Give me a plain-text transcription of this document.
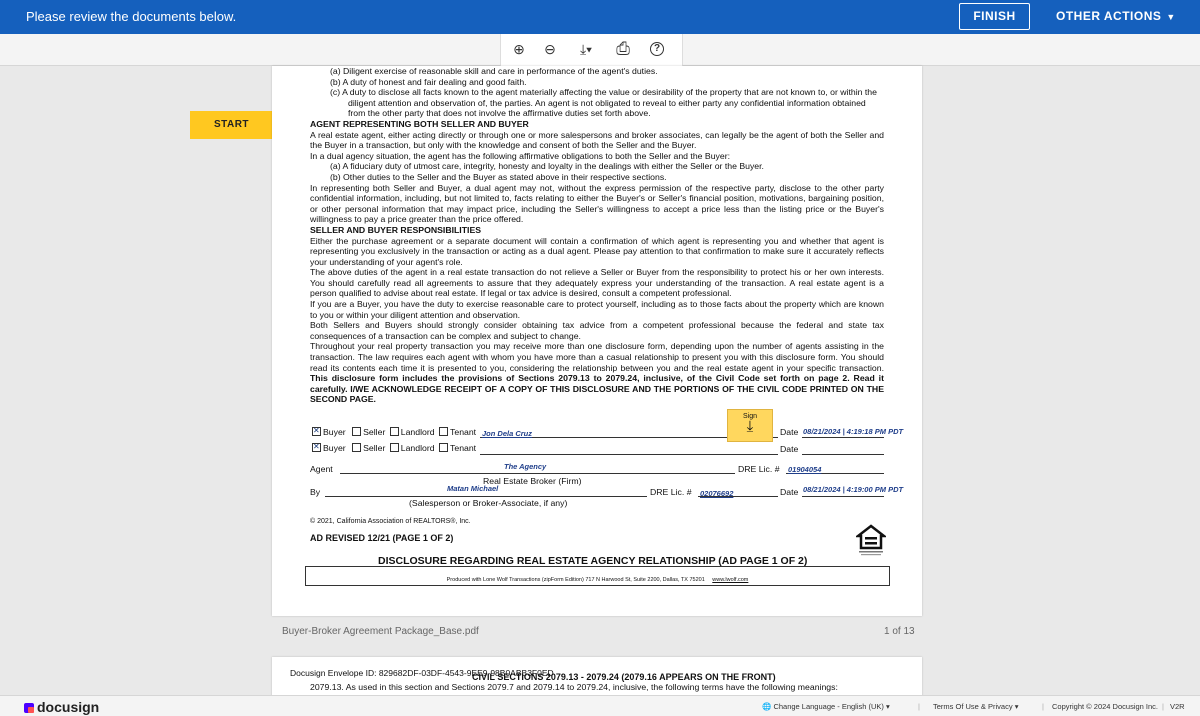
Please review the documents below.	FINISH	OTHER ACTIONS ▼
⊕ ⊖	⤓▾	⎙	?
START

(a) Diligent exercise of reasonable skill and care in performance of the agent's duties.

(b) A duty of honest and fair dealing and good faith.

(c) A duty to disclose all facts known to the agent materially affecting the value or desirability of the property that are not known to, or within the diligent attention and observation of, the parties. An agent is not obligated to reveal to either party any confidential information obtained from the other party that does not involve the affirmative duties set forth above.

AGENT REPRESENTING BOTH SELLER AND BUYER

A real estate agent, either acting directly or through one or more salespersons and broker associates, can legally be the agent of both the Seller and the Buyer in a transaction, but only with the knowledge and consent of both the Seller and the Buyer.

In a dual agency situation, the agent has the following affirmative obligations to both the Seller and the Buyer:

(a) A fiduciary duty of utmost care, integrity, honesty and loyalty in the dealings with either the Seller or the Buyer.

(b) Other duties to the Seller and the Buyer as stated above in their respective sections.

In representing both Seller and Buyer, a dual agent may not, without the express permission of the respective party, disclose to the other party confidential information, including, but not limited to, facts relating to either the Buyer's or Seller's financial position, motivations, bargaining position, or other personal information that may impact price, including the Seller's willingness to accept a price less than the listing price or the Buyer's willingness to pay a price greater than the price offered.

SELLER AND BUYER RESPONSIBILITIES

Either the purchase agreement or a separate document will contain a confirmation of which agent is representing you and whether that agent is representing you exclusively in the transaction or acting as a dual agent. Please pay attention to that confirmation to make sure it accurately reflects your understanding of your agent's role.

The above duties of the agent in a real estate transaction do not relieve a Seller or Buyer from the responsibility to protect his or her own interests. You should carefully read all agreements to assure that they adequately express your understanding of the transaction. A real estate agent is a person qualified to advise about real estate. If legal or tax advice is desired, consult a competent professional.

If you are a Buyer, you have the duty to exercise reasonable care to protect yourself, including as to those facts about the property which are known to you or within your diligent attention and observation.

Both Sellers and Buyers should strongly consider obtaining tax advice from a competent professional because the federal and state tax consequences of a transaction can be complex and subject to change.

Throughout your real property transaction you may receive more than one disclosure form, depending upon the number of agents assisting in the transaction. The law requires each agent with whom you have more than a casual relationship to present you with this disclosure form. You should read its contents each time it is presented to you, considering the relationship between you and the real estate agent in your specific transaction. This disclosure form includes the provisions of Sections 2079.13 to 2079.24, inclusive, of the Civil Code set forth on page 2. Read it carefully. I/WE ACKNOWLEDGE RECEIPT OF A COPY OF THIS DISCLOSURE AND THE PORTIONS OF THE CIVIL CODE PRINTED ON THE SECOND PAGE.

✕Buyer Seller Landlord Tenant Jon Dela Cruz	Date 08/21/2024 | 4:19:18 PM PDT
Sign
⤓
✕Buyer Seller Landlord Tenant	Date
Agent	The Agency	DRE Lic. # 01904054
Real Estate Broker (Firm)
By	Matan Michael	DRE Lic. # 02076692	Date 08/21/2024 | 4:19:00 PM PDT
(Salesperson or Broker-Associate, if any)
© 2021, California Association of REALTORS®, Inc.
AD REVISED 12/21 (PAGE 1 OF 2)
DISCLOSURE REGARDING REAL ESTATE AGENCY RELATIONSHIP (AD PAGE 1 OF 2)
Produced with Lone Wolf Transactions (zipForm Edition) 717 N Harwood St, Suite 2200, Dallas, TX 75201 www.lwolf.com
Buyer-Broker Agreement Package_Base.pdf	1 of 13
Docusign Envelope ID: 829682DF-03DF-4543-9EE9-98B0ABB3F0ED
CIVIL SECTIONS 2079.13 - 2079.24 (2079.16 APPEARS ON THE FRONT)
2079.13. As used in this section and Sections 2079.7 and 2079.14 to 2079.24, inclusive, the following terms have the following meanings:
docusign	🌐 Change Language - English (UK) ▾	| Terms Of Use & Privacy ▾	| Copyright © 2024 Docusign Inc. | V2R
